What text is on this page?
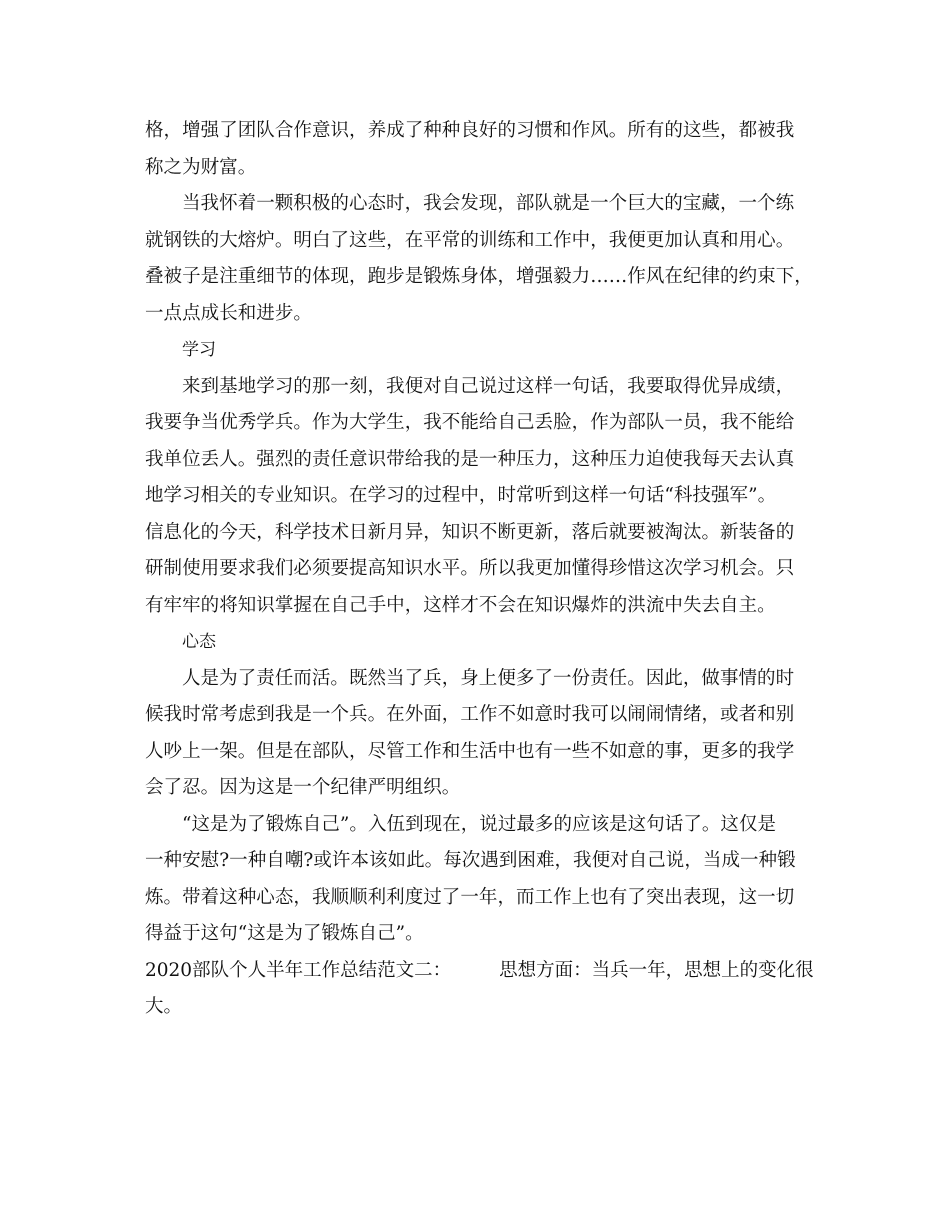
格，增强了团队合作意识，养成了种种良好的习惯和作风。所有的这些，都被我
称之为财富。
当我怀着一颗积极的心态时，我会发现，部队就是一个巨大的宝藏，一个练
就钢铁的大熔炉。明白了这些，在平常的训练和工作中，我便更加认真和用心。
叠被子是注重细节的体现，跑步是锻炼身体，增强毅力……作风在纪律的约束下，
一点点成长和进步。
学习
来到基地学习的那一刻，我便对自己说过这样一句话，我要取得优异成绩，
我要争当优秀学兵。作为大学生，我不能给自己丢脸，作为部队一员，我不能给
我单位丢人。强烈的责任意识带给我的是一种压力，这种压力迫使我每天去认真
地学习相关的专业知识。在学习的过程中，时常听到这样一句话“科技强军”。
信息化的今天，科学技术日新月异，知识不断更新，落后就要被淘汰。新装备的
研制使用要求我们必须要提高知识水平。所以我更加懂得珍惜这次学习机会。只
有牢牢的将知识掌握在自己手中，这样才不会在知识爆炸的洪流中失去自主。
心态
人是为了责任而活。既然当了兵，身上便多了一份责任。因此，做事情的时
候我时常考虑到我是一个兵。在外面，工作不如意时我可以闹闹情绪，或者和别
人吵上一架。但是在部队，尽管工作和生活中也有一些不如意的事，更多的我学
会了忍。因为这是一个纪律严明组织。
“这是为了锻炼自己”。入伍到现在，说过最多的应该是这句话了。这仅是
一种安慰?一种自嘲?或许本该如此。每次遇到困难，我便对自己说，当成一种锻
炼。带着这种心态，我顺顺利利度过了一年，而工作上也有了突出表现，这一切
得益于这句“这是为了锻炼自己”。
2020部队个人半年工作总结范文二：	思想方面：当兵一年，思想上的变化很
大。
